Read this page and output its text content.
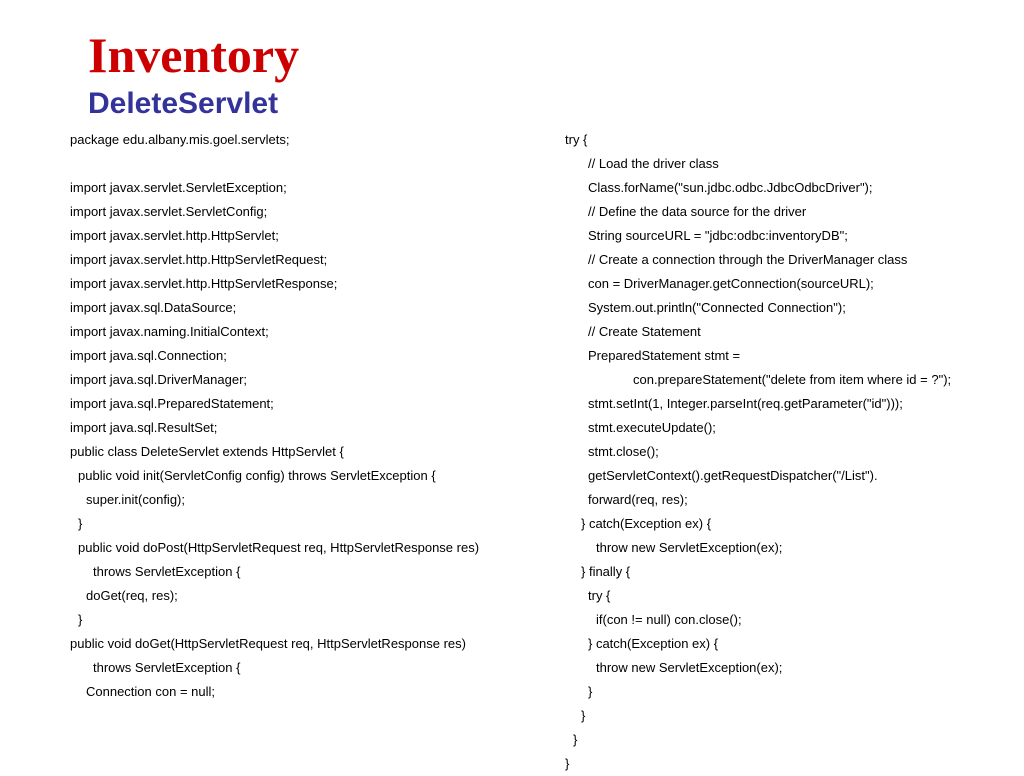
Inventory
DeleteServlet
package edu.albany.mis.goel.servlets;
import javax.servlet.ServletException;
import javax.servlet.ServletConfig;
import javax.servlet.http.HttpServlet;
import javax.servlet.http.HttpServletRequest;
import javax.servlet.http.HttpServletResponse;
import javax.sql.DataSource;
import javax.naming.InitialContext;
import java.sql.Connection;
import java.sql.DriverManager;
import java.sql.PreparedStatement;
import java.sql.ResultSet;
public class DeleteServlet extends HttpServlet {
public void init(ServletConfig config) throws ServletException {
super.init(config);
}
public void doPost(HttpServletRequest req, HttpServletResponse res)
throws ServletException {
doGet(req, res);
}
public void doGet(HttpServletRequest req, HttpServletResponse res)
throws ServletException {
Connection con = null;
try {
// Load the driver class
Class.forName("sun.jdbc.odbc.JdbcOdbcDriver");
// Define the data source for the driver
String sourceURL = "jdbc:odbc:inventoryDB";
// Create a connection through the DriverManager class
con = DriverManager.getConnection(sourceURL);
System.out.println("Connected Connection");
// Create Statement
PreparedStatement stmt =
con.prepareStatement("delete from item where id = ?");
stmt.setInt(1, Integer.parseInt(req.getParameter("id")));
stmt.executeUpdate();
stmt.close();
getServletContext().getRequestDispatcher("/List").
forward(req, res);
} catch(Exception ex) {
throw new ServletException(ex);
} finally {
try {
if(con != null) con.close();
} catch(Exception ex) {
throw new ServletException(ex);
}
}
}
}
